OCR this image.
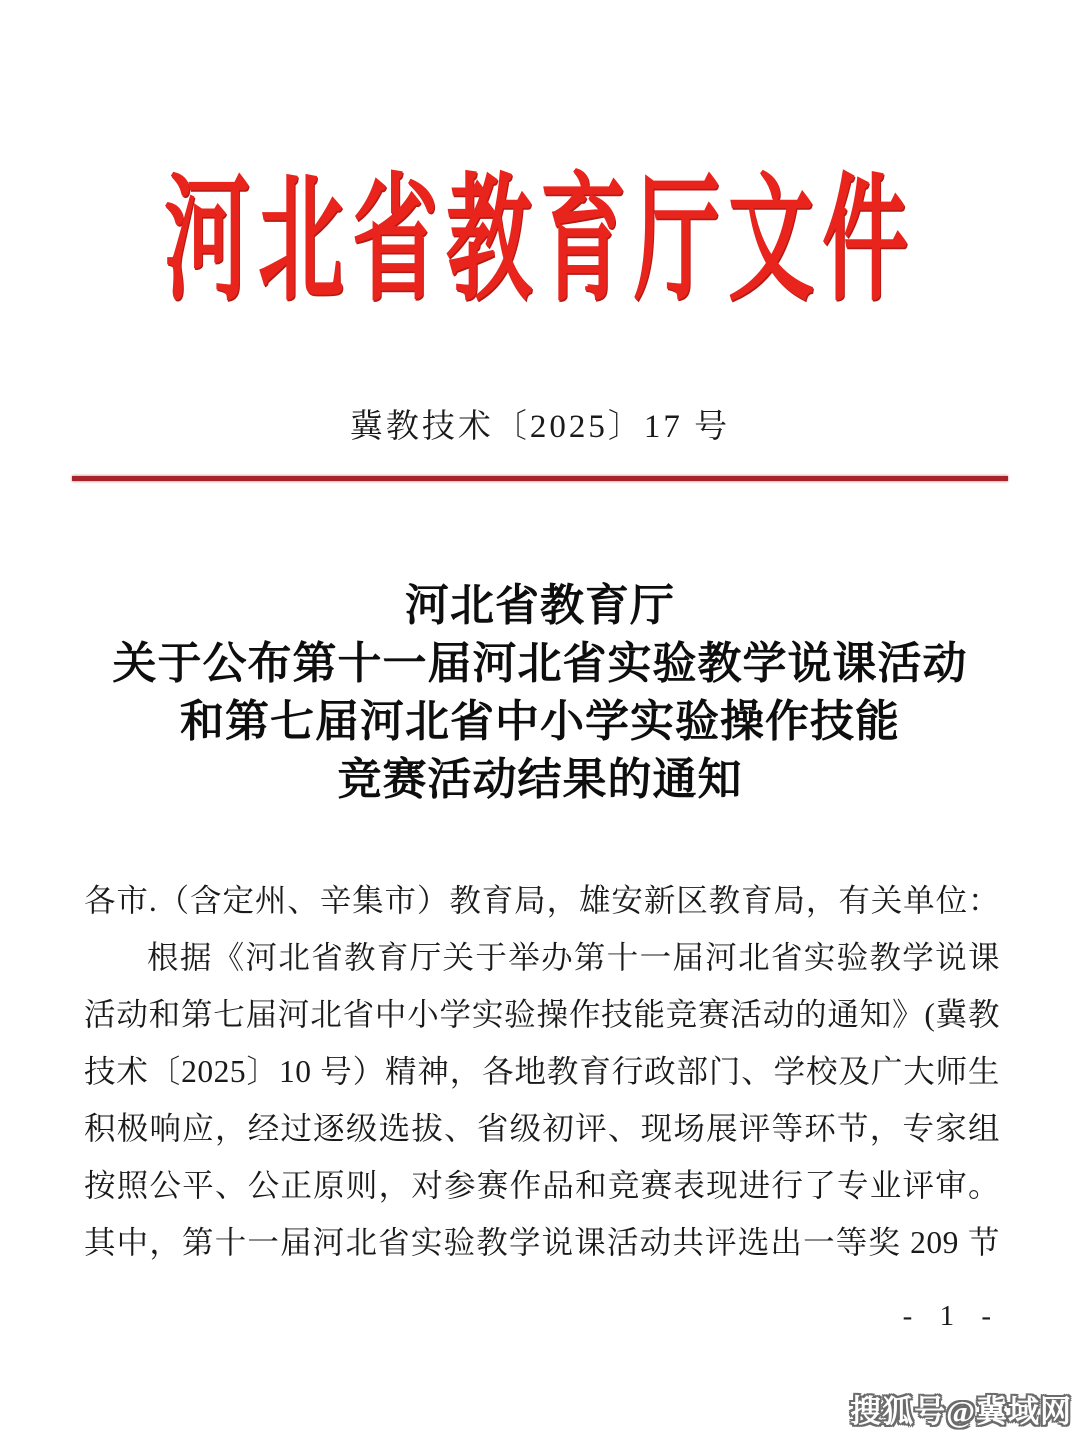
河北省教育厅文件
冀教技术〔2025〕17 号
河北省教育厅
关于公布第十一届河北省实验教学说课活动
和第七届河北省中小学实验操作技能
竞赛活动结果的通知
各市.（含定州、辛集市）教育局，雄安新区教育局，有关单位：
根据《河北省教育厅关于举办第十一届河北省实验教学说课
活动和第七届河北省中小学实验操作技能竞赛活动的通知》(冀教
技术〔2025〕10 号）精神，各地教育行政部门、学校及广大师生
积极响应，经过逐级选拔、省级初评、现场展评等环节，专家组
按照公平、公正原则，对参赛作品和竞赛表现进行了专业评审。
其中，第十一届河北省实验教学说课活动共评选出一等奖 209 节
- 1 -
搜狐号@冀域网
